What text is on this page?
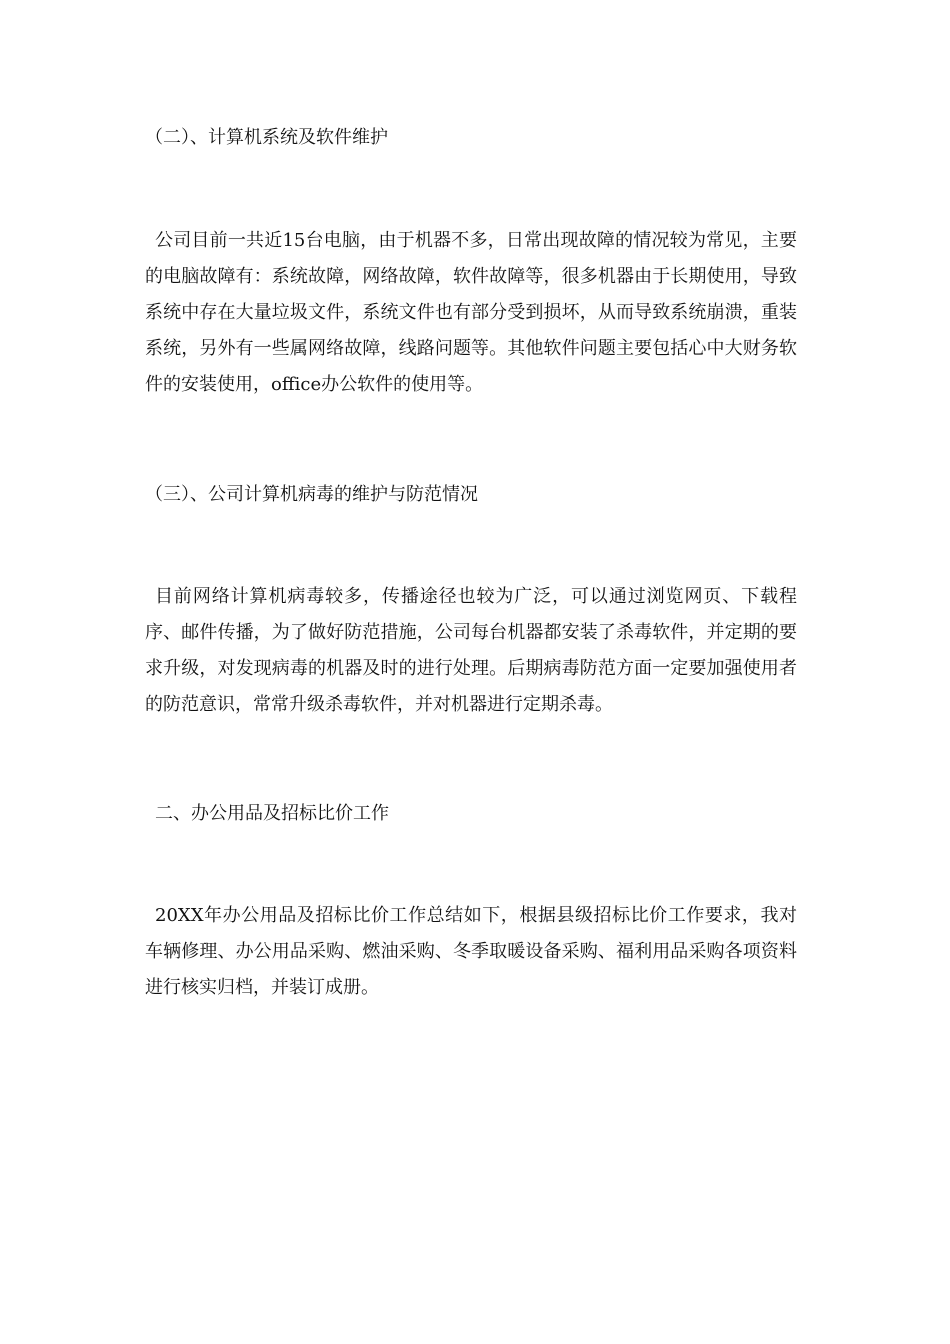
（二）、计算机系统及软件维护
公司目前一共近15台电脑，由于机器不多，日常出现故障的情况较为常见，主要的电脑故障有：系统故障，网络故障，软件故障等，很多机器由于长期使用，导致系统中存在大量垃圾文件，系统文件也有部分受到损坏，从而导致系统崩溃，重装系统，另外有一些属网络故障，线路问题等。其他软件问题主要包括心中大财务软件的安装使用，office办公软件的使用等。
（三）、公司计算机病毒的维护与防范情况
目前网络计算机病毒较多，传播途径也较为广泛，可以通过浏览网页、下载程序、邮件传播，为了做好防范措施，公司每台机器都安装了杀毒软件，并定期的要求升级，对发现病毒的机器及时的进行处理。后期病毒防范方面一定要加强使用者的防范意识，常常升级杀毒软件，并对机器进行定期杀毒。
二、办公用品及招标比价工作
20XX年办公用品及招标比价工作总结如下，根据县级招标比价工作要求，我对车辆修理、办公用品采购、燃油采购、冬季取暖设备采购、福利用品采购各项资料进行核实归档，并装订成册。
